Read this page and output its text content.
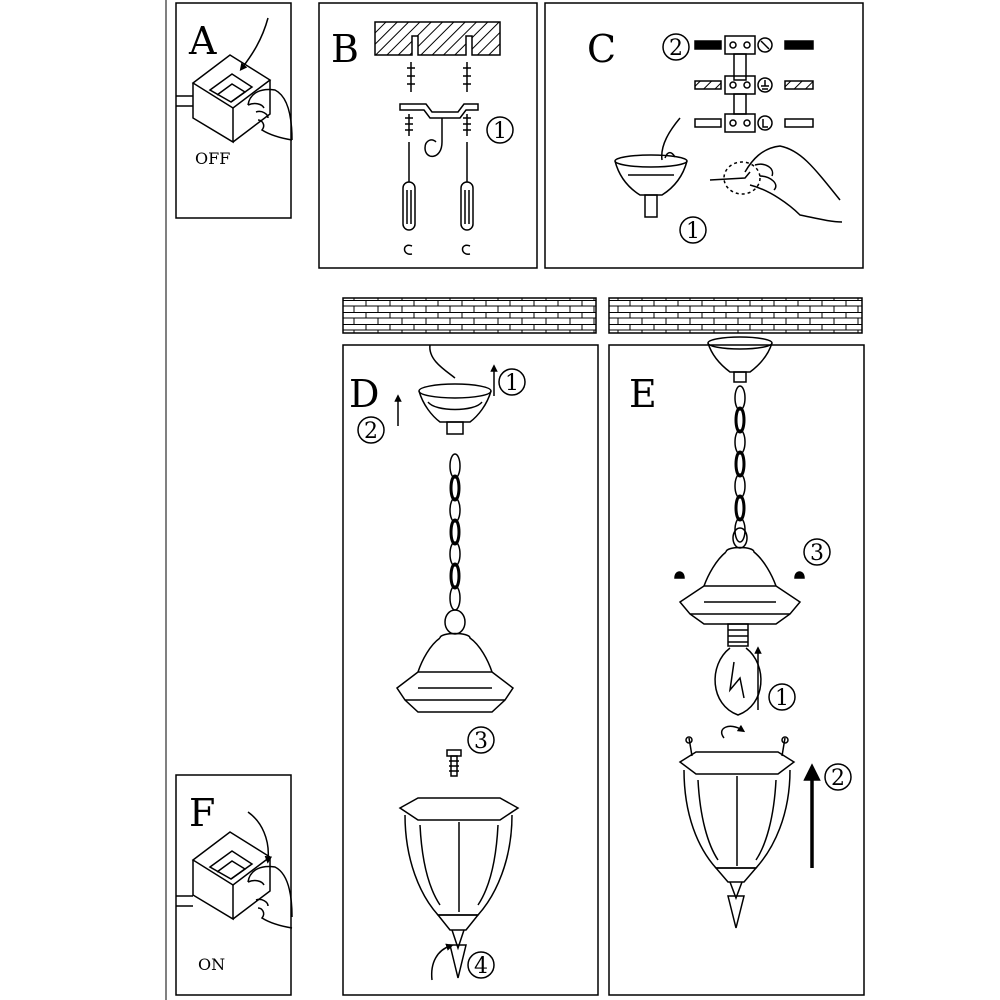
A
OFF
B
1
C 2
1
D
2
1
3
4
E
3
1
2
F
ON
